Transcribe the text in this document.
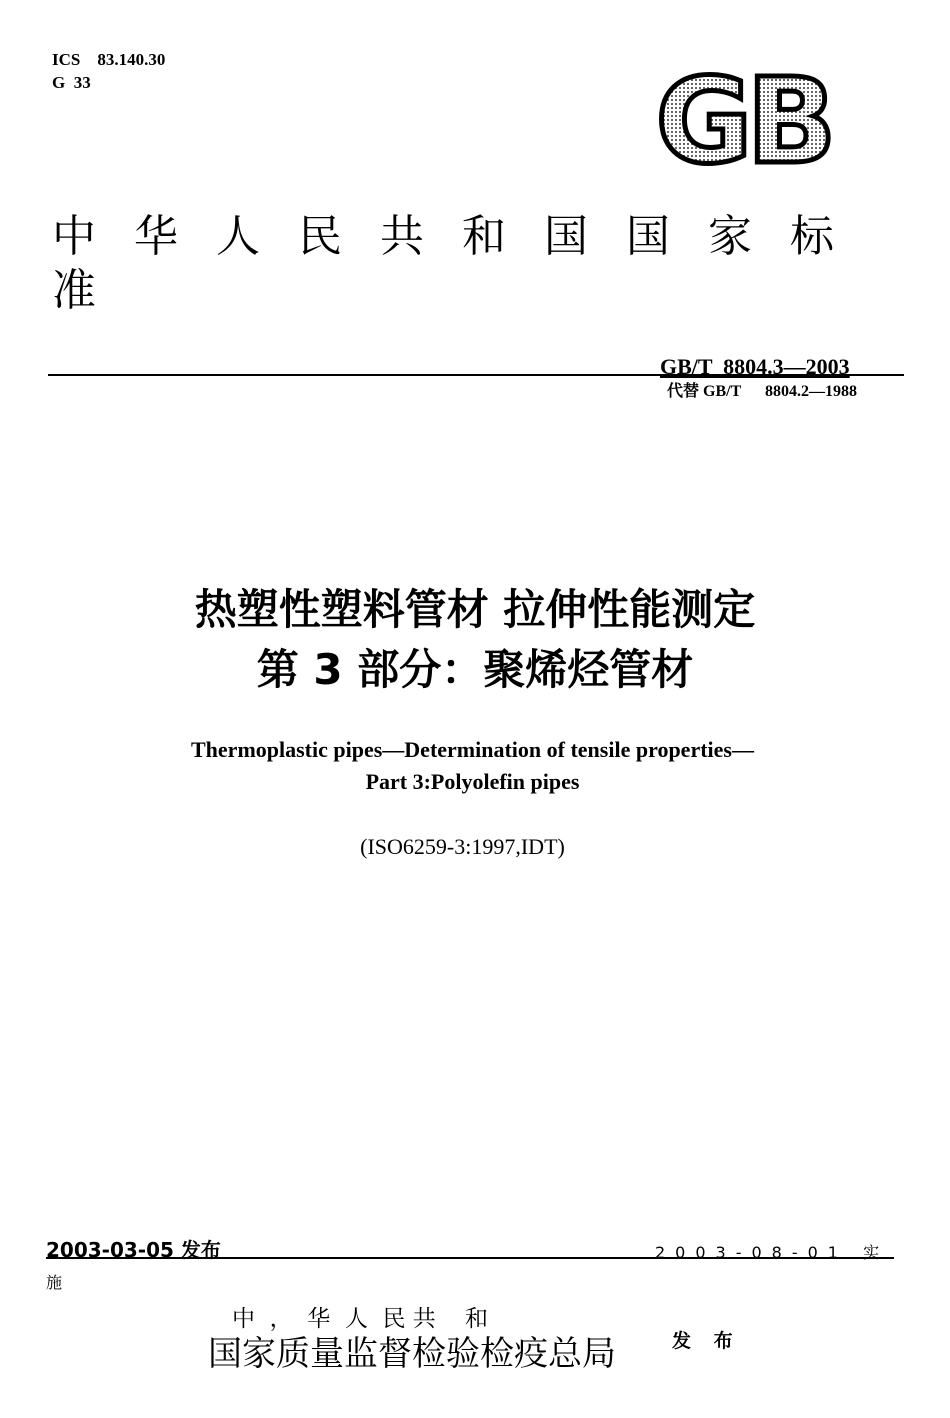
ICS    83.140.30
G  33	GB
中华人民共和国国家标准
GB/T  8804.3—2003
代替 GB/T      8804.2—1988
热塑性塑料管材 拉伸性能测定
第 3 部分：聚烯烃管材
Thermoplastic pipes—Determination of tensile properties—
Part 3:Polyolefin pipes
(ISO6259-3:1997,IDT)
2003-03-05 发布	2003-08-01 实
施
中  ，  华  人  民 共    和
国家质量监督检验检疫总局	发 布
